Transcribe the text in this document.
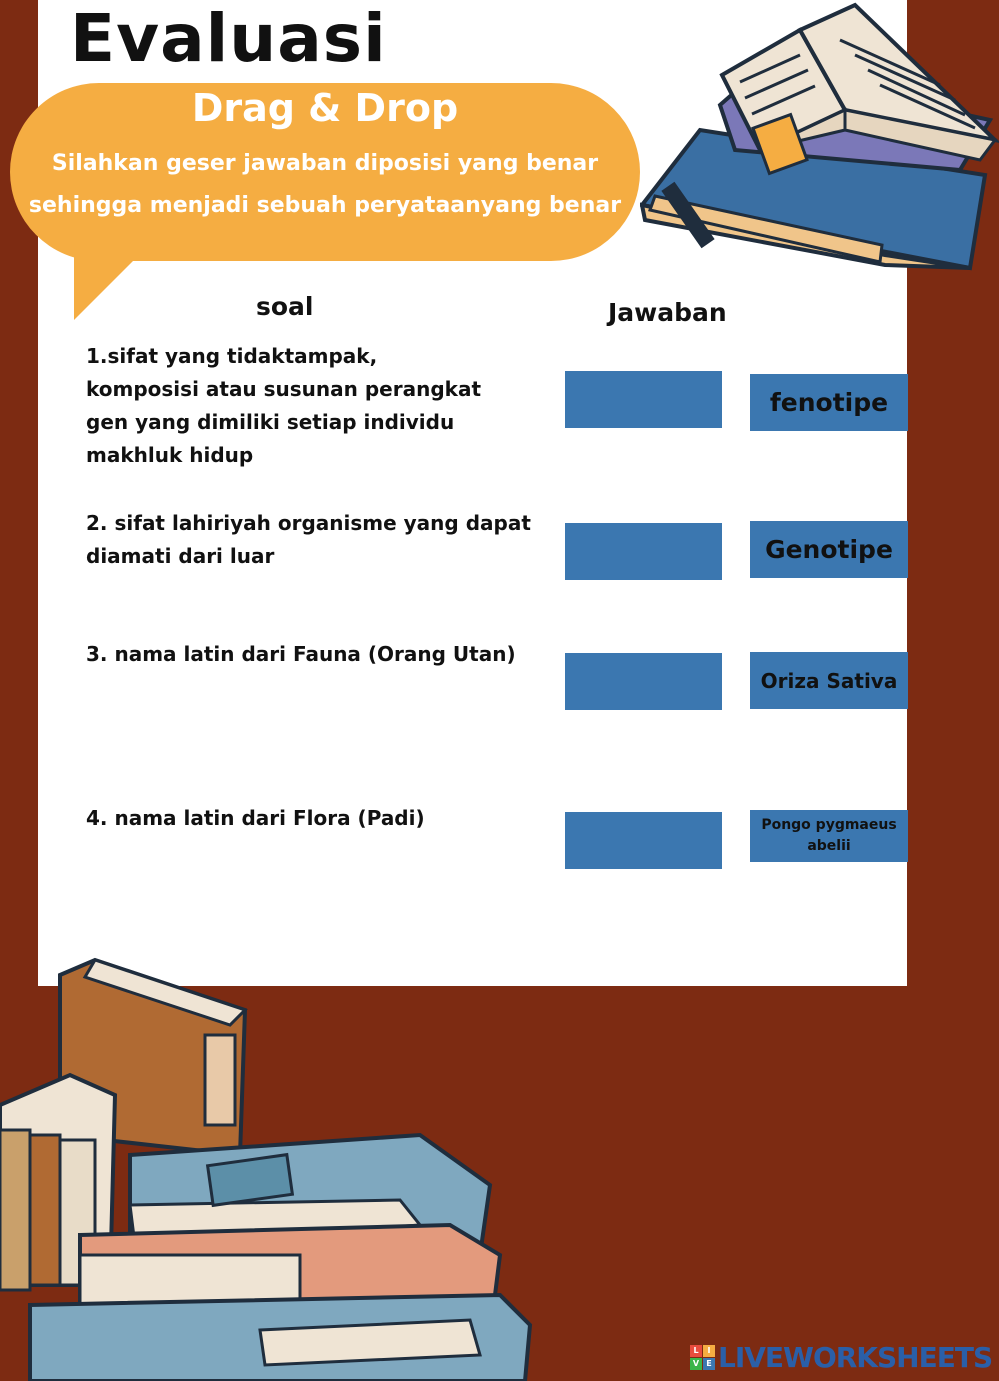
Evaluasi
Drag & Drop
Silahkan geser jawaban diposisi yang benar sehingga menjadi sebuah peryataanyang benar
soal	Jawaban
1.sifat yang tidaktampak, komposisi atau susunan perangkat gen yang dimiliki setiap individu makhluk hidup
2. sifat lahiriyah organisme yang dapat diamati dari luar
3. nama latin dari Fauna (Orang Utan)
4. nama latin dari Flora (Padi)
fenotipe
Genotipe
Oriza Sativa
Pongo pygmaeus abelii
L	I
V E LIVEWORKSHEETS
